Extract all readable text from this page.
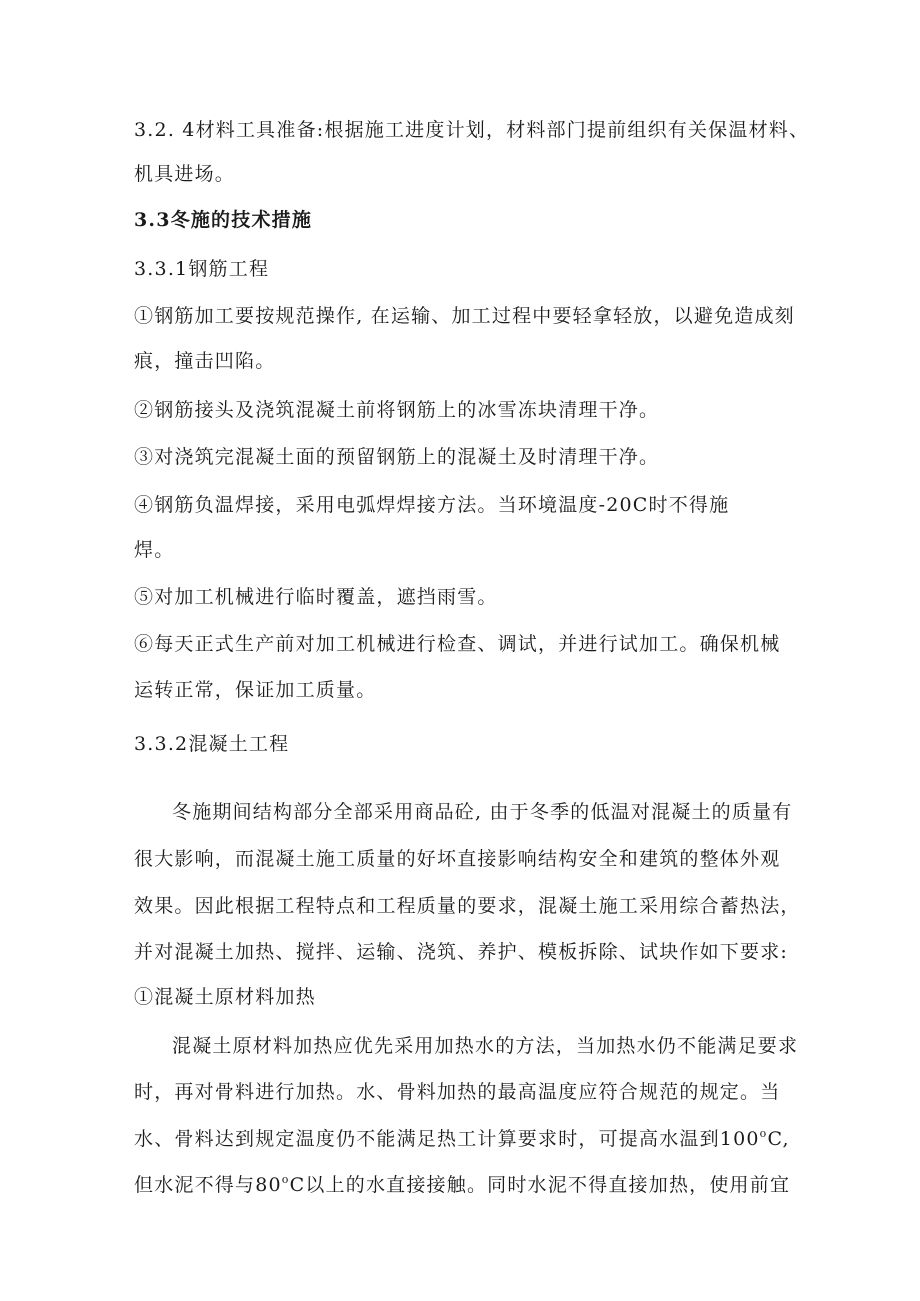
3.2. 4材料工具准备:根据施工进度计划，材料部门提前组织有关保温材料、
机具进场。
3.3冬施的技术措施
3.3.1钢筋工程
①钢筋加工要按规范操作, 在运输、加工过程中要轻拿轻放，以避免造成刻
痕，撞击凹陷。
②钢筋接头及浇筑混凝土前将钢筋上的冰雪冻块清理干净。
③对浇筑完混凝土面的预留钢筋上的混凝土及时清理干净。
④钢筋负温焊接，采用电弧焊焊接方法。当环境温度-20C时不得施
焊。
⑤对加工机械进行临时覆盖，遮挡雨雪。
⑥每天正式生产前对加工机械进行检查、调试，并进行试加工。确保机械
运转正常，保证加工质量。
3.3.2混凝土工程
冬施期间结构部分全部采用商品砼, 由于冬季的低温对混凝土的质量有
很大影响，而混凝土施工质量的好坏直接影响结构安全和建筑的整体外观
效果。因此根据工程特点和工程质量的要求，混凝土施工采用综合蓄热法，
并对混凝土加热、搅拌、运输、浇筑、养护、模板拆除、试块作如下要求:
①混凝土原材料加热
混凝土原材料加热应优先采用加热水的方法，当加热水仍不能满足要求
时，再对骨料进行加热。水、骨料加热的最高温度应符合规范的规定。当
水、骨料达到规定温度仍不能满足热工计算要求时，可提高水温到100$^o$C,
但水泥不得与80$^o$C以上的水直接接触。同时水泥不得直接加热，使用前宜
